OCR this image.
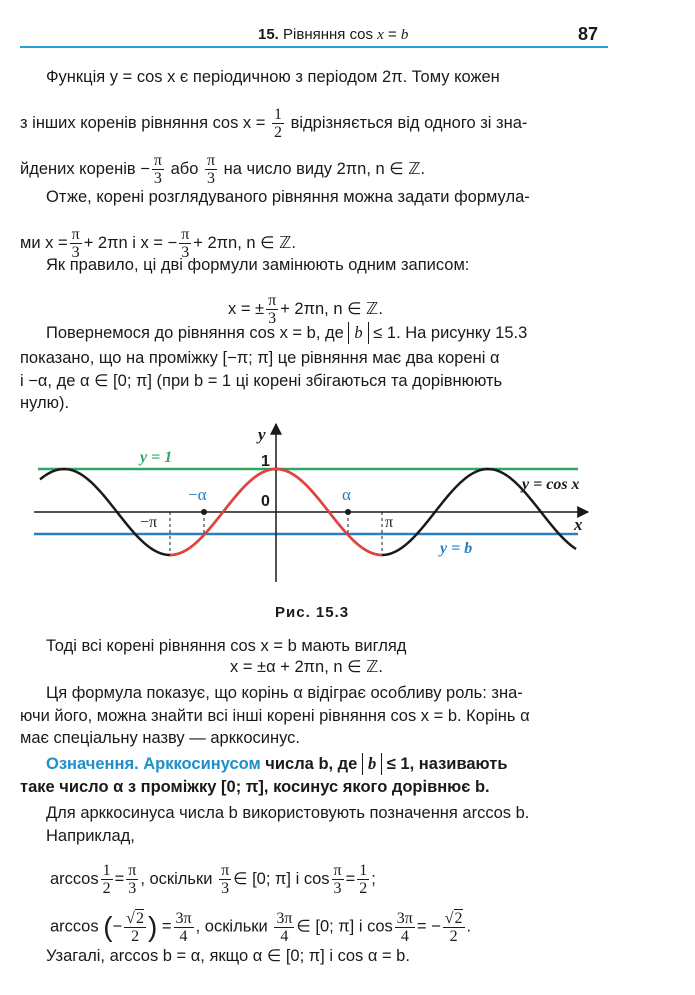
15. Рівняння cos x = b	87
Функція y = cos x є періодичною з періодом 2π. Тому кожен
з інших коренів рівняння $\cos x = \frac{1}{2}$ відрізняється від одного зі зна-
йдених коренів − $\frac{\pi}{3}$ або $\frac{\pi}{3}$ на число виду 2πn, n ∈ ℤ.
Отже, корені розглядуваного рівняння можна задати формула-
ми $x = \frac{\pi}{3} + 2\pi n$ і x = − $\frac{\pi}{3} + 2\pi n$, n ∈ ℤ.
Як правило, ці дві формули замінюють одним записом:
x = ± $\frac{\pi}{3} + 2\pi n$, n ∈ ℤ.
Повернемося до рівняння cos x = b, де b ≤ 1. На рисунку 15.3
показано, що на проміжку [−π; π] це рівняння має два корені α
і −α, де α ∈ [0; π] (при b = 1 ці корені збігаються та дорівнюють
нулю).
y
x
1
0
y = 1
y = cos x
y = b
−α	α
−π	π
Рис. 15.3
Тоді всі корені рівняння cos x = b мають вигляд
x = ±α + 2πn, n ∈ ℤ.
Ця формула показує, що корінь α відіграє особливу роль: зна-
ючи його, можна знайти всі інші корені рівняння cos x = b. Корінь α
має спеціальну назву — арккосинус.
Означення. Арккосинусом числа b, де b ≤ 1, називають
таке число α з проміжку [0; π], косинус якого дорівнює b.
Для арккосинуса числа b використовують позначення arccos b.
Наприклад,
$\arccos \frac{1}{2} = \frac{\pi}{3}$ , оскільки $\frac{\pi}{3}$ ∈ [0; π] і $\cos \frac{\pi}{3} = \frac{1}{2}$ ;
arccos (− $\frac{√2}{2}$ ) = $\frac{3\pi}{4}$ , оскільки $\frac{3\pi}{4}$ ∈ [0; π] і $\cos \frac{3\pi}{4}$ = − $\frac{√2}{2}$ .
Узагалі, arccos b = α, якщо α ∈ [0; π] і cos α = b.
